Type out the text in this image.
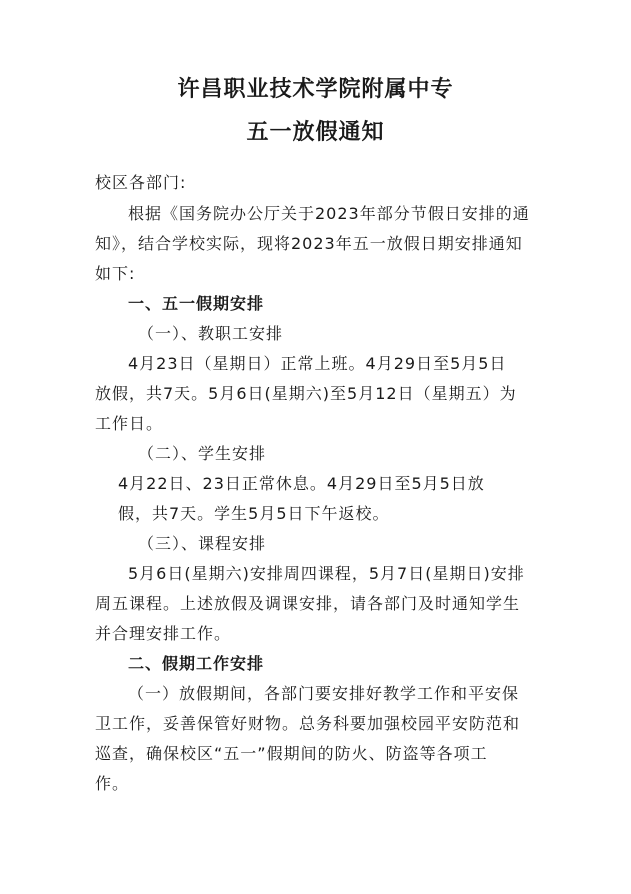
许昌职业技术学院附属中专
五一放假通知
校区各部门:
根据《国务院办公厅关于2023年部分节假日安排的通
知》，结合学校实际，现将2023年五一放假日期安排通知
如下:
一、五一假期安排
（一）、教职工安排
4月23日（星期日）正常上班。4月29日至5月5日
放假，共7天。5月6日(星期六)至5月12日（星期五）为
工作日。
（二）、学生安排
4月22日、23日正常休息。4月29日至5月5日放
假，共7天。学生5月5日下午返校。
（三）、课程安排
5月6日(星期六)安排周四课程，5月7日(星期日)安排
周五课程。上述放假及调课安排，请各部门及时通知学生
并合理安排工作。
二、假期工作安排
（一）放假期间，各部门要安排好教学工作和平安保
卫工作，妥善保管好财物。总务科要加强校园平安防范和
巡查，确保校区“五一”假期间的防火、防盗等各项工
作。
